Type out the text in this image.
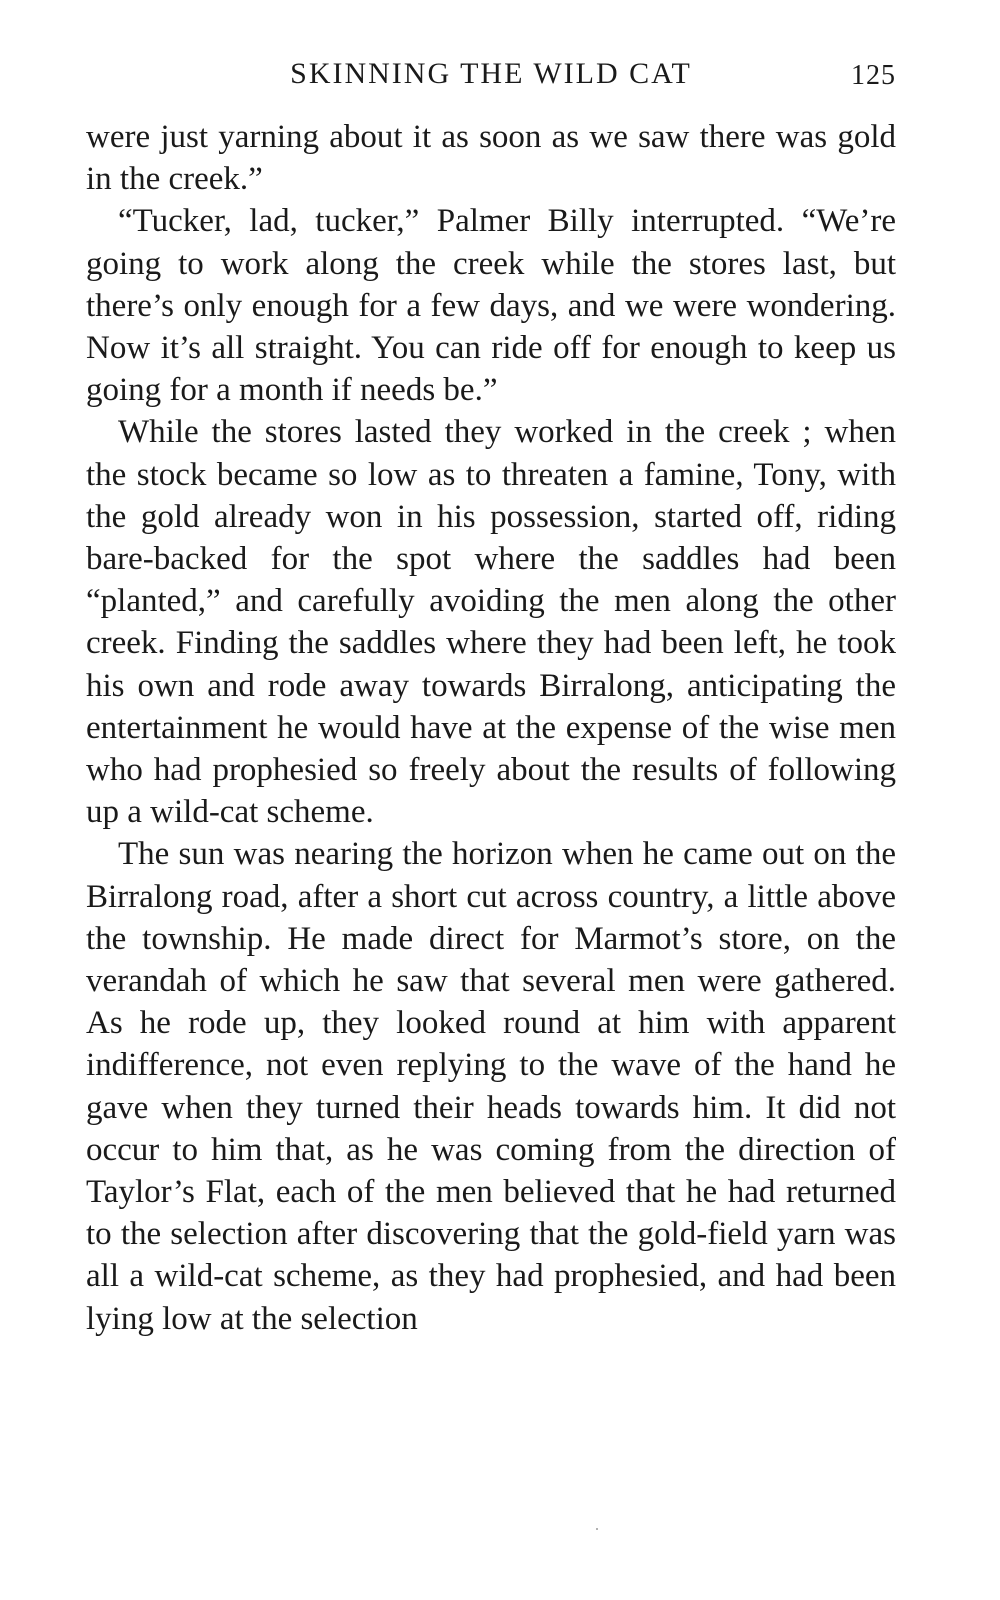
SKINNING THE WILD CAT	125

were just yarning about it as soon as we saw there was gold in the creek.”

“Tucker, lad, tucker,” Palmer Billy interrupted. “We’re going to work along the creek while the stores last, but there’s only enough for a few days, and we were wondering. Now it’s all straight. You can ride off for enough to keep us going for a month if needs be.”

While the stores lasted they worked in the creek ; when the stock became so low as to threaten a famine, Tony, with the gold already won in his possession, started off, riding bare-backed for the spot where the saddles had been “planted,” and carefully avoiding the men along the other creek. Finding the saddles where they had been left, he took his own and rode away towards Birralong, anticipating the entertainment he would have at the expense of the wise men who had prophesied so freely about the results of following up a wild-cat scheme.

The sun was nearing the horizon when he came out on the Birralong road, after a short cut across country, a little above the township. He made direct for Marmot’s store, on the verandah of which he saw that several men were gathered. As he rode up, they looked round at him with apparent indifference, not even replying to the wave of the hand he gave when they turned their heads towards him. It did not occur to him that, as he was coming from the direction of Taylor’s Flat, each of the men believed that he had returned to the selection after discovering that the gold-field yarn was all a wild-cat scheme, as they had prophesied, and had been lying low at the selection
